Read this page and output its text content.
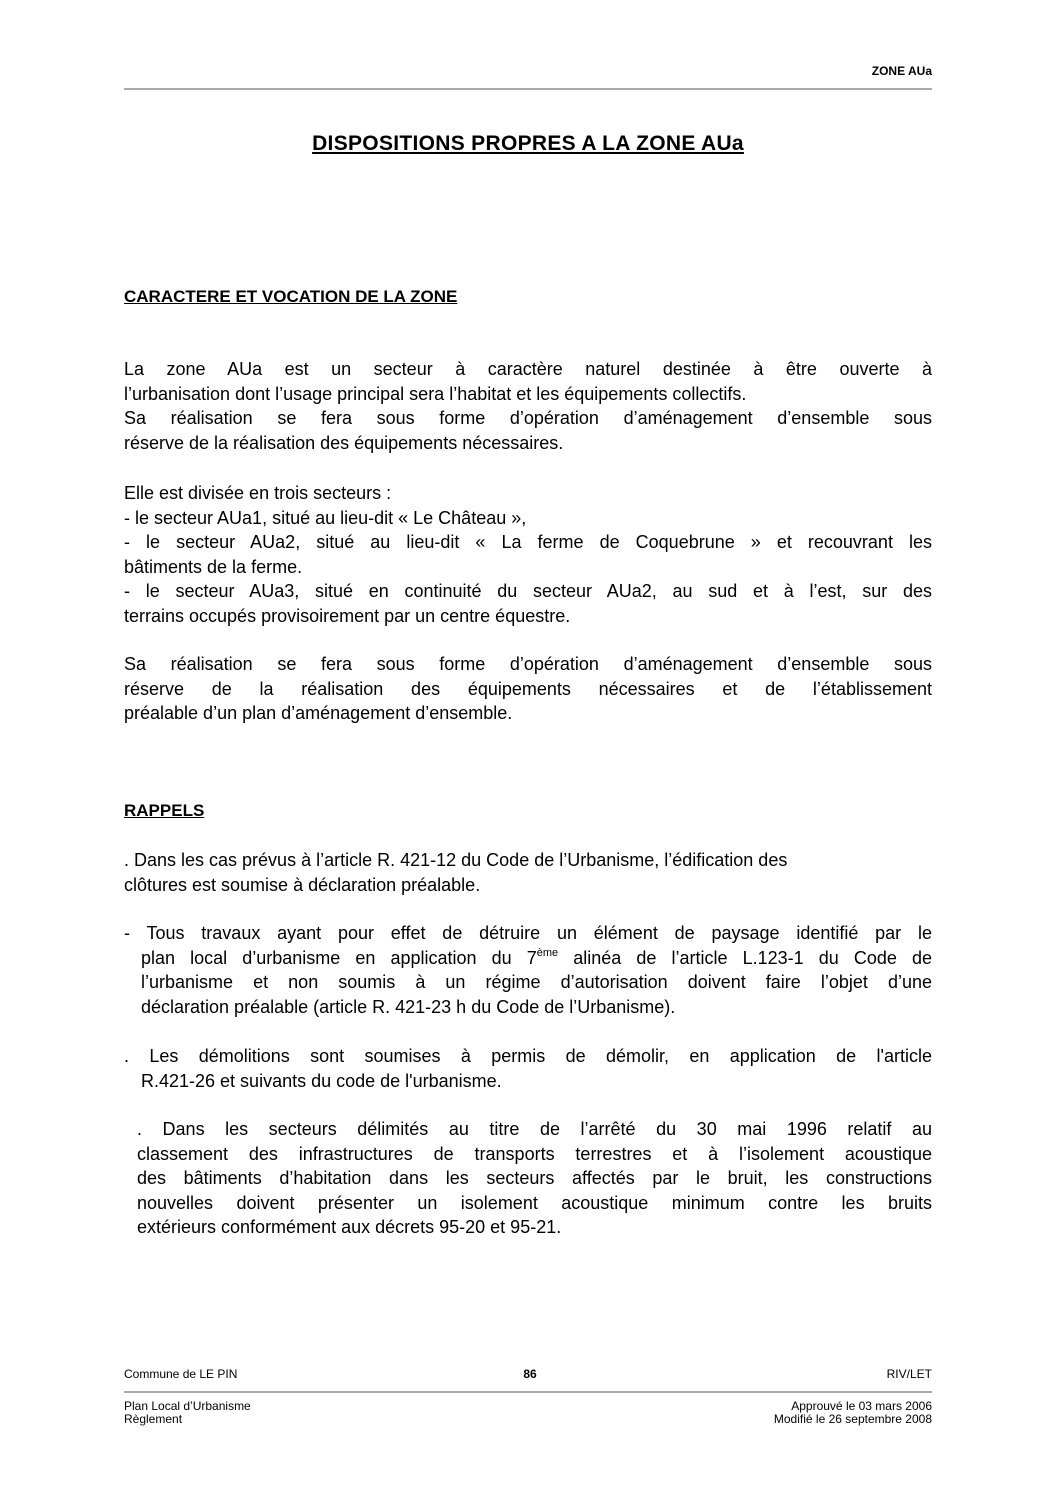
ZONE AUa
DISPOSITIONS PROPRES A LA ZONE AUa
CARACTERE ET VOCATION DE LA ZONE
La zone AUa est un secteur à caractère naturel destinée à être ouverte à
l’urbanisation dont l’usage principal sera l’habitat et les équipements collectifs.
Sa réalisation se fera sous forme d’opération d’aménagement d’ensemble sous
réserve de la réalisation des équipements nécessaires.
Elle est divisée en trois secteurs :
- le secteur AUa1, situé au lieu-dit « Le Château »,
- le secteur AUa2, situé au lieu-dit « La ferme de Coquebrune » et recouvrant les
bâtiments de la ferme.
- le secteur AUa3, situé en continuité du secteur AUa2, au sud et à l’est, sur des
terrains occupés provisoirement par un centre équestre.
Sa réalisation se fera sous forme d’opération d’aménagement d’ensemble sous
réserve de la réalisation des équipements nécessaires et de l’établissement
préalable d’un plan d’aménagement d’ensemble.
RAPPELS
. Dans les cas prévus à l’article R. 421-12 du Code de l’Urbanisme, l’édification des
clôtures est soumise à déclaration préalable.
- Tous travaux ayant pour effet de détruire un élément de paysage identifié par le
plan local d’urbanisme en application du 7ème alinéa de l’article L.123-1 du Code de
l’urbanisme et non soumis à un régime d’autorisation doivent faire l’objet d’une
déclaration préalable (article R. 421-23 h du Code de l’Urbanisme).
. Les démolitions sont soumises à permis de démolir, en application de l'article
R.421-26 et suivants du code de l'urbanisme.
. Dans les secteurs délimités au titre de l’arrêté du 30 mai 1996 relatif au
classement des infrastructures de transports terrestres et à l’isolement acoustique
des bâtiments d’habitation dans les secteurs affectés par le bruit, les constructions
nouvelles doivent présenter un isolement acoustique minimum contre les bruits
extérieurs conformément aux décrets 95-20 et 95-21.
Commune de LE PIN	86	RIV/LET
Plan Local d’Urbanisme
Règlement
Approuvé le 03 mars 2006
Modifié le 26 septembre 2008
